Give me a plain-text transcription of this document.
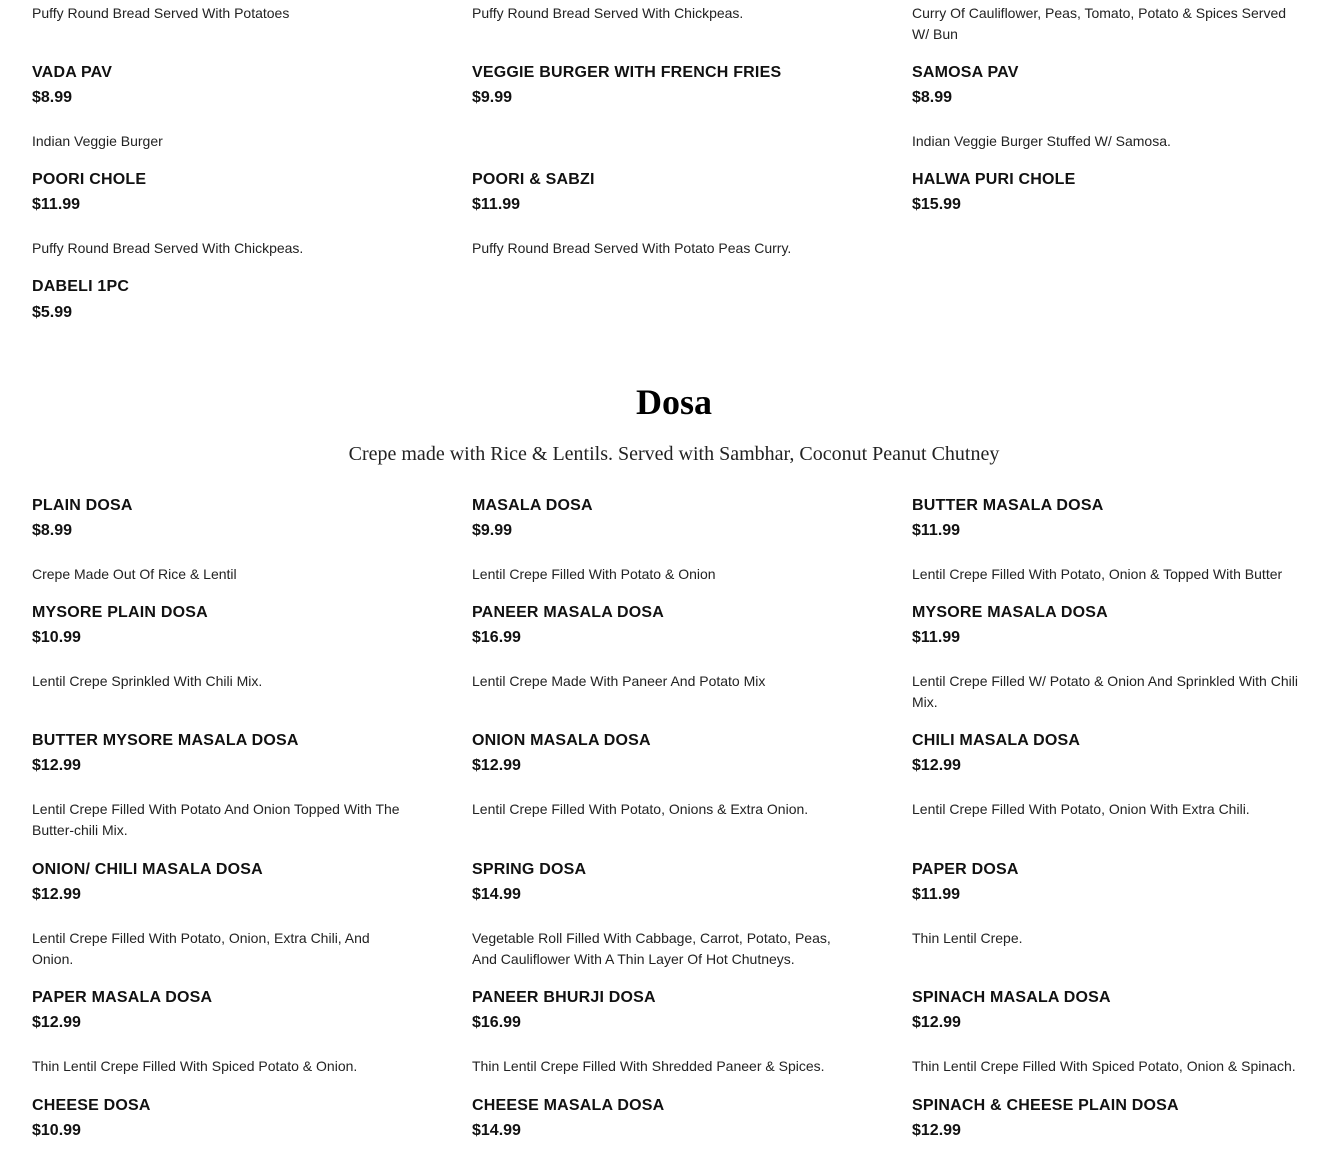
Puffy Round Bread Served With Potatoes	Puffy Round Bread Served With Chickpeas.	Curry Of Cauliflower, Peas, Tomato, Potato & Spices Served W/ Bun
VADA PAV
$8.99
VEGGIE BURGER WITH FRENCH FRIES
$9.99
SAMOSA PAV
$8.99
Indian Veggie Burger	Indian Veggie Burger Stuffed W/ Samosa.
POORI CHOLE
$11.99
POORI & SABZI
$11.99
HALWA PURI CHOLE
$15.99
Puffy Round Bread Served With Chickpeas.	Puffy Round Bread Served With Potato Peas Curry.
DABELI 1PC
$5.99
Dosa
Crepe made with Rice & Lentils. Served with Sambhar, Coconut Peanut Chutney
PLAIN DOSA
$8.99
Crepe Made Out Of Rice & Lentil
MASALA DOSA
$9.99
Lentil Crepe Filled With Potato & Onion
BUTTER MASALA DOSA
$11.99
Lentil Crepe Filled With Potato, Onion & Topped With Butter
MYSORE PLAIN DOSA
$10.99
Lentil Crepe Sprinkled With Chili Mix.
PANEER MASALA DOSA
$16.99
Lentil Crepe Made With Paneer And Potato Mix
MYSORE MASALA DOSA
$11.99
Lentil Crepe Filled W/ Potato & Onion And Sprinkled With Chili Mix.
BUTTER MYSORE MASALA DOSA
$12.99
Lentil Crepe Filled With Potato And Onion Topped With The Butter-chili Mix.
ONION MASALA DOSA
$12.99
Lentil Crepe Filled With Potato, Onions & Extra Onion.
CHILI MASALA DOSA
$12.99
Lentil Crepe Filled With Potato, Onion With Extra Chili.
ONION/ CHILI MASALA DOSA
$12.99
Lentil Crepe Filled With Potato, Onion, Extra Chili, And Onion.
SPRING DOSA
$14.99
Vegetable Roll Filled With Cabbage, Carrot, Potato, Peas, And Cauliflower With A Thin Layer Of Hot Chutneys.
PAPER DOSA
$11.99
Thin Lentil Crepe.
PAPER MASALA DOSA
$12.99
Thin Lentil Crepe Filled With Spiced Potato & Onion.
PANEER BHURJI DOSA
$16.99
Thin Lentil Crepe Filled With Shredded Paneer & Spices.
SPINACH MASALA DOSA
$12.99
Thin Lentil Crepe Filled With Spiced Potato, Onion & Spinach.
CHEESE DOSA
$10.99
CHEESE MASALA DOSA
$14.99
SPINACH & CHEESE PLAIN DOSA
$12.99
